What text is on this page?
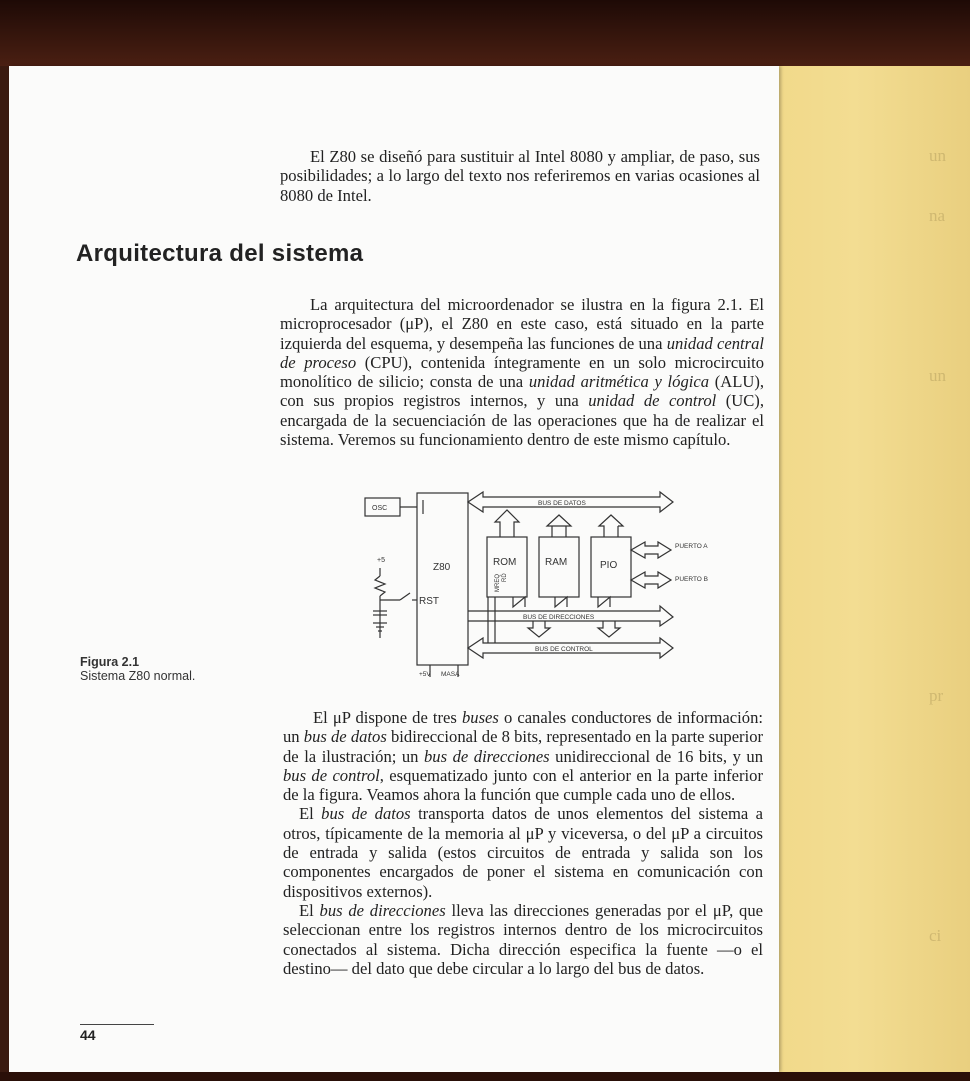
un
na
un
pr
ci

El Z80 se diseñó para sustituir al Intel 8080 y ampliar, de paso, sus posibilidades; a lo largo del texto nos referiremos en varias ocasiones al 8080 de Intel.

Arquitectura del sistema

La arquitectura del microordenador se ilustra en la figura 2.1. El microprocesador (μP), el Z80 en este caso, está situado en la parte izquierda del esquema, y desempeña las funciones de una unidad central de proceso (CPU), contenida íntegramente en un solo microcircuito monolítico de silicio; consta de una unidad aritmética y lógica (ALU), con sus propios registros internos, y una unidad de control (UC), encargada de la secuenciación de las operaciones que ha de realizar el sistema. Veremos su funcionamiento dentro de este mismo capítulo.

OSC
Z80
RST
+5	ROM	RAM	PIO
MREQ RD
BUS DE DATOS
BUS DE DIRECCIONES
BUS DE CONTROL
PUERTO A
PUERTO B
+5V MASA
Figura 2.1
Sistema Z80 normal.

El μP dispone de tres buses o canales conductores de información: un bus de datos bidireccional de 8 bits, representado en la parte superior de la ilustración; un bus de direcciones unidireccional de 16 bits, y un bus de control, esquematizado junto con el anterior en la parte inferior de la figura. Veamos ahora la función que cumple cada uno de ellos.

El bus de datos transporta datos de unos elementos del sistema a otros, típicamente de la memoria al μP y viceversa, o del μP a circuitos de entrada y salida (estos circuitos de entrada y salida son los componentes encargados de poner el sistema en comunicación con dispositivos externos).

El bus de direcciones lleva las direcciones generadas por el μP, que seleccionan entre los registros internos dentro de los microcircuitos conectados al sistema. Dicha dirección especifica la fuente —o el destino— del dato que debe circular a lo largo del bus de datos.

44
